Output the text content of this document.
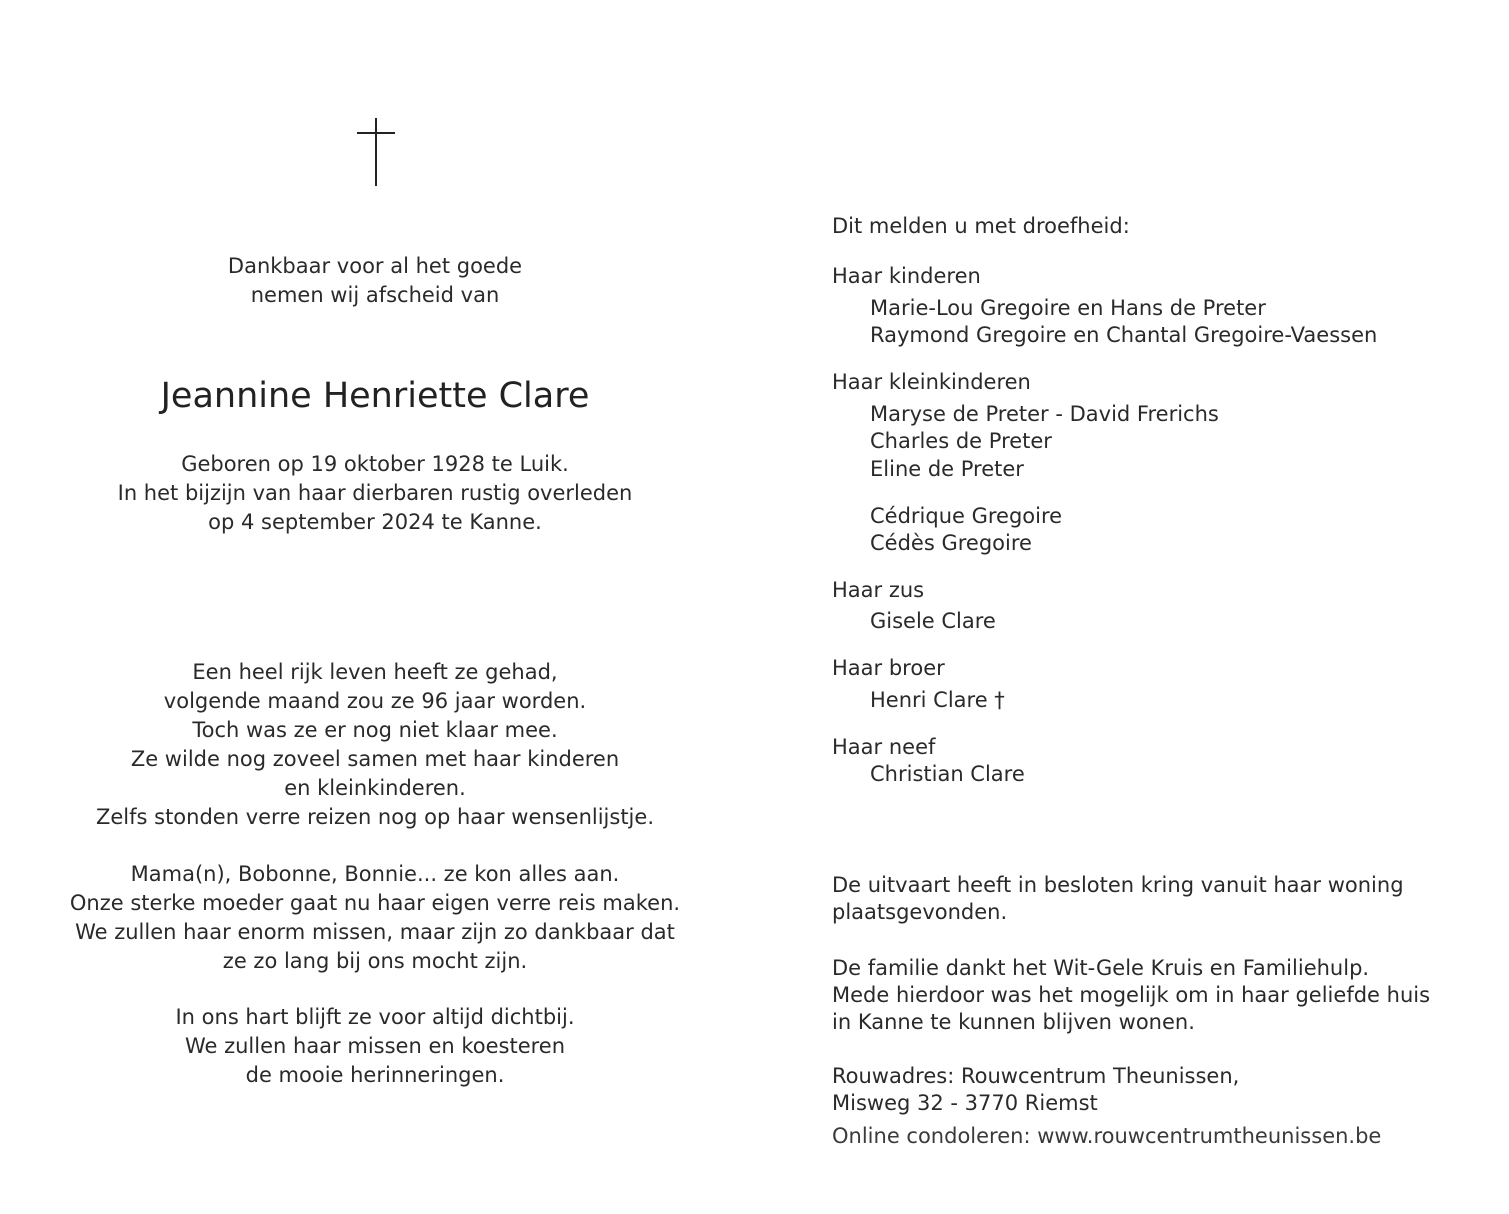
Dankbaar voor al het goede
nemen wij afscheid van
Jeannine Henriette Clare
Geboren op 19 oktober 1928 te Luik.
In het bijzijn van haar dierbaren rustig overleden
op 4 september 2024 te Kanne.
Een heel rijk leven heeft ze gehad,
volgende maand zou ze 96 jaar worden.
Toch was ze er nog niet klaar mee.
Ze wilde nog zoveel samen met haar kinderen
en kleinkinderen.
Zelfs stonden verre reizen nog op haar wensenlijstje.
Mama(n), Bobonne, Bonnie... ze kon alles aan.
Onze sterke moeder gaat nu haar eigen verre reis maken.
We zullen haar enorm missen, maar zijn zo dankbaar dat
ze zo lang bij ons mocht zijn.
In ons hart blijft ze voor altijd dichtbij.
We zullen haar missen en koesteren
de mooie herinneringen.
Dit melden u met droefheid:
Haar kinderen
Marie-Lou Gregoire en Hans de Preter
Raymond Gregoire en Chantal Gregoire-Vaessen
Haar kleinkinderen
Maryse de Preter - David Frerichs
Charles de Preter
Eline de Preter
Cédrique Gregoire
Cédès Gregoire
Haar zus
Gisele Clare
Haar broer
Henri Clare †
Haar neef
Christian Clare
De uitvaart heeft in besloten kring vanuit haar woning
plaatsgevonden.
De familie dankt het Wit-Gele Kruis en Familiehulp.
Mede hierdoor was het mogelijk om in haar geliefde huis
in Kanne te kunnen blijven wonen.
Rouwadres: Rouwcentrum Theunissen,
Misweg 32 - 3770 Riemst
Online condoleren: www.rouwcentrumtheunissen.be
